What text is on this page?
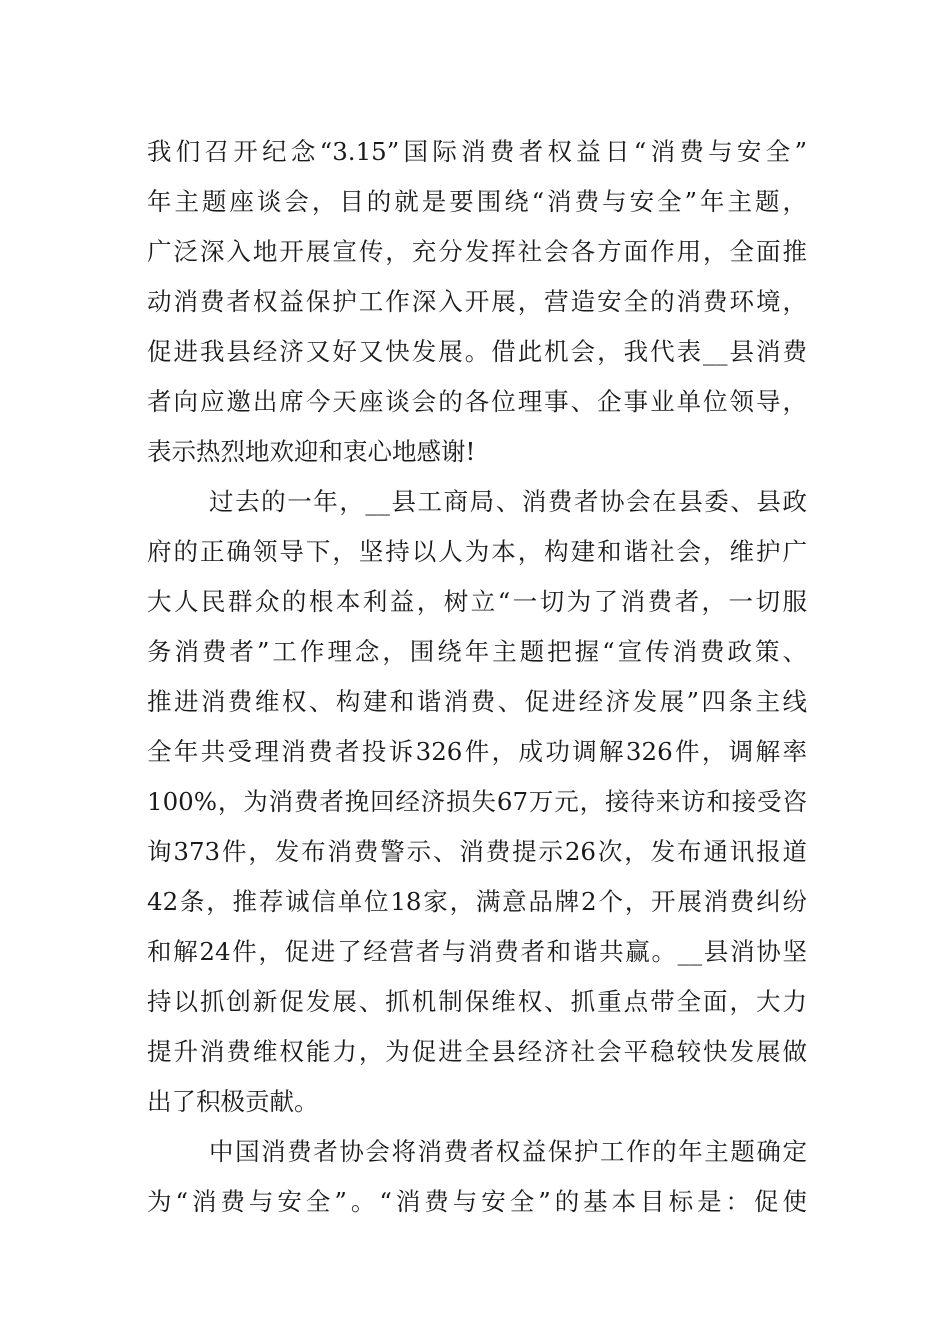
我们召开纪念“3.15”国际消费者权益日“消费与安全”
年主题座谈会，目的就是要围绕“消费与安全”年主题，
广泛深入地开展宣传，充分发挥社会各方面作用，全面推
动消费者权益保护工作深入开展，营造安全的消费环境，
促进我县经济又好又快发展。借此机会，我代表__县消费
者向应邀出席今天座谈会的各位理事、企事业单位领导，
表示热烈地欢迎和衷心地感谢!
过去的一年，__县工商局、消费者协会在县委、县政
府的正确领导下，坚持以人为本，构建和谐社会，维护广
大人民群众的根本利益，树立“一切为了消费者，一切服
务消费者”工作理念，围绕年主题把握“宣传消费政策、
推进消费维权、构建和谐消费、促进经济发展”四条主线
全年共受理消费者投诉326件，成功调解326件，调解率
100%，为消费者挽回经济损失67万元，接待来访和接受咨
询373件，发布消费警示、消费提示26次，发布通讯报道
42条，推荐诚信单位18家，满意品牌2个，开展消费纠纷
和解24件，促进了经营者与消费者和谐共赢。__县消协坚
持以抓创新促发展、抓机制保维权、抓重点带全面，大力
提升消费维权能力，为促进全县经济社会平稳较快发展做
出了积极贡献。
中国消费者协会将消费者权益保护工作的年主题确定
为“消费与安全”。“消费与安全”的基本目标是：促使
